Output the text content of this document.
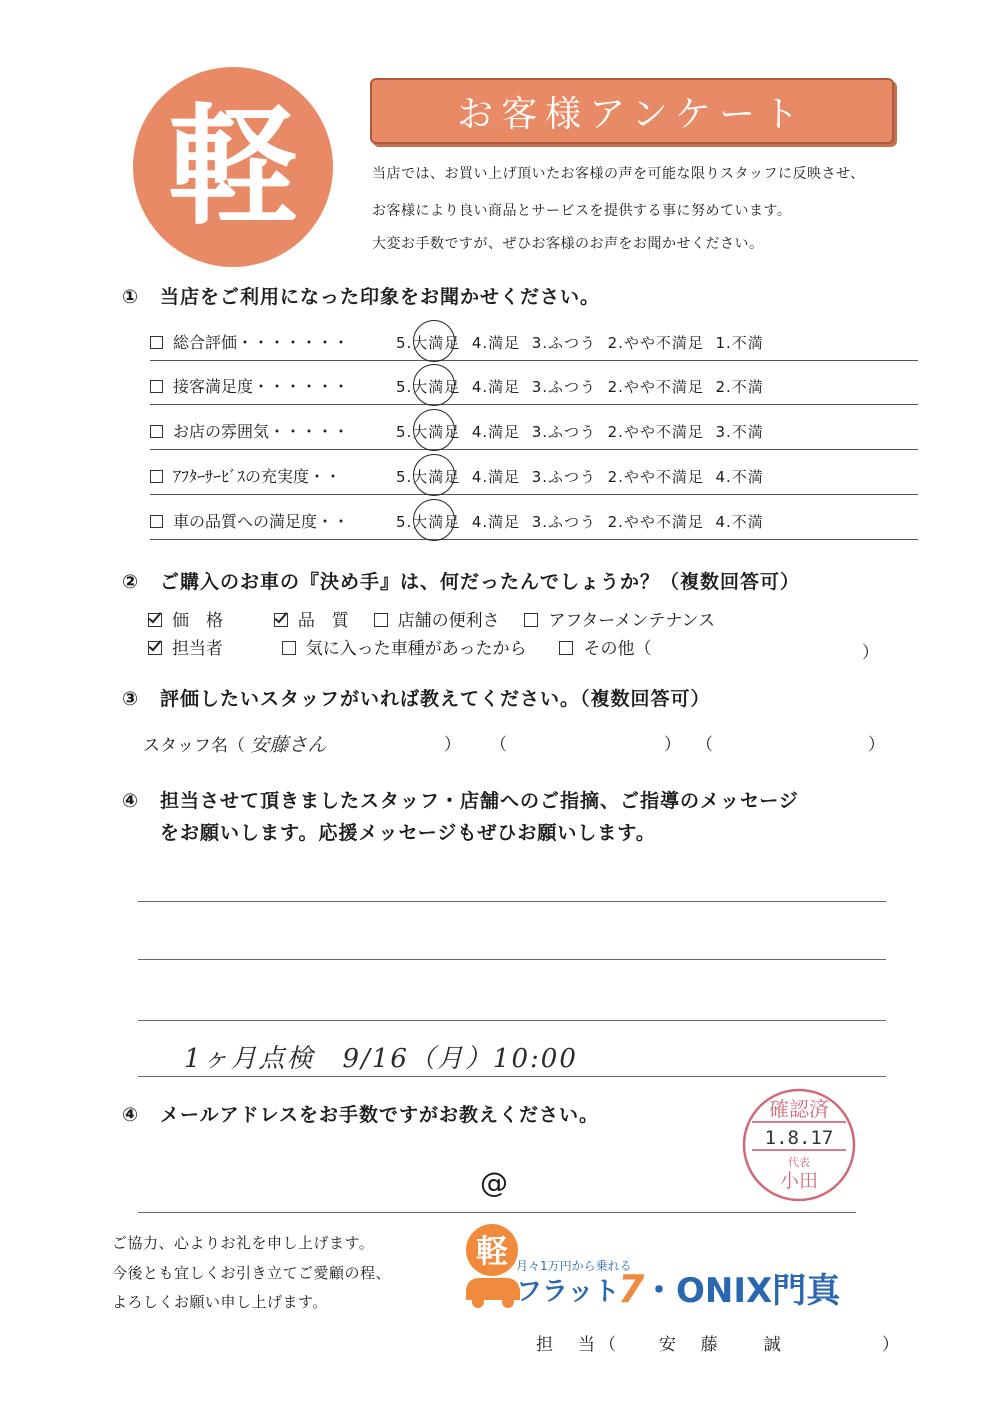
軽	お客様アンケート
当店では、お買い上げ頂いたお客様の声を可能な限りスタッフに反映させ、
お客様により良い商品とサービスを提供する事に努めています。
大変お手数ですが、ぜひお客様のお声をお聞かせください。
① 当店をご利用になった印象をお聞かせください。
総合評価・・・・・・・	5.大満足 4.満足 3.ふつう 2.やや不満足 1.不満
接客満足度・・・・・・	5.大満足 4.満足 3.ふつう 2.やや不満足 2.不満
お店の雰囲気・・・・・	5.大満足 4.満足 3.ふつう 2.やや不満足 3.不満
ｱﾌﾀｰｻｰﾋﾞｽの充実度・・	5.大満足 4.満足 3.ふつう 2.やや不満足 4.不満
車の品質への満足度・・	5.大満足 4.満足 3.ふつう 2.やや不満足 4.不満
② ご購入のお車の『決め手』は、何だったんでしょうか？（複数回答可）
価　格	品　質	店舗の便利さ	アフターメンテナンス
担当者	気に入った車種があったから	その他（	）
③ 評価したいスタッフがいれば教えてください。（複数回答可）
スタッフ名（ 安藤さん	） （	） （	）
④ 担当させて頂きましたスタッフ・店舗へのご指摘、ご指導のメッセージ
をお願いします。応援メッセージもぜひお願いします。
1ヶ月点検　9/16（月）10:00
④ メールアドレスをお手数ですがお教えください。
@
確認済
1.8.17
代表
小田
ご協力、心よりお礼を申し上げます。
今後とも宜しくお引き立てご愛顧の程、
よろしくお願い申し上げます。
軽 月々1万円から乗れる
フラット
7
・ONIX門真
担　当（ 安　藤　　誠	）
